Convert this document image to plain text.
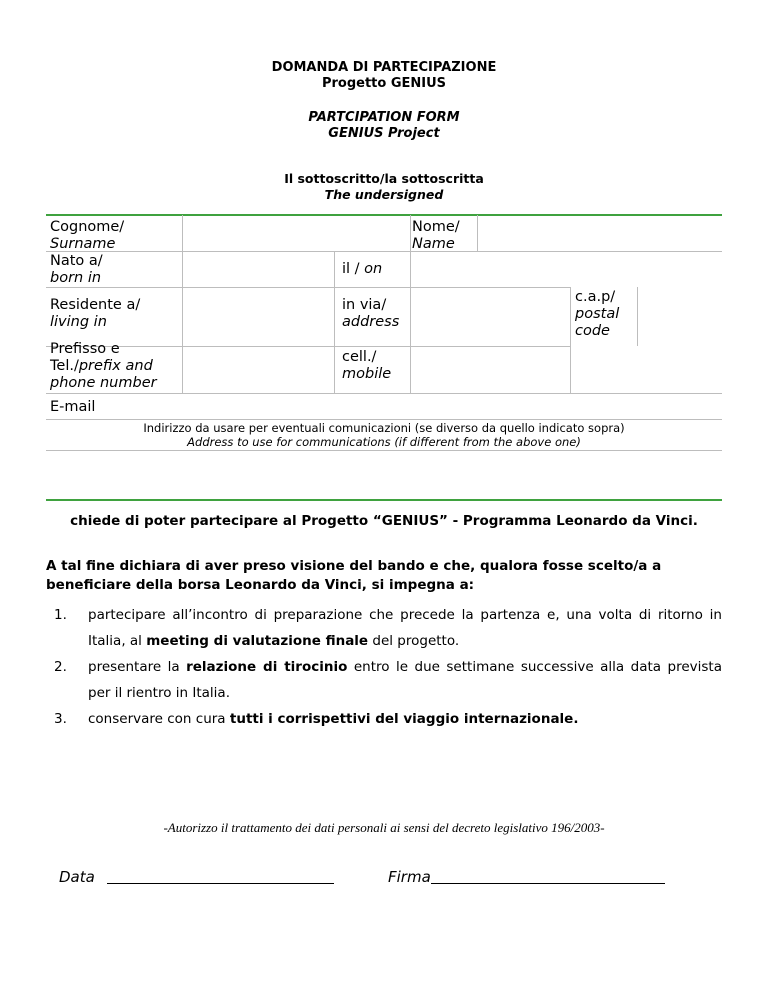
DOMANDA DI PARTECIPAZIONE
Progetto GENIUS
PARTCIPATION FORM
GENIUS Project
Il sottoscritto/la sottoscritta
The undersigned
Cognome/
Surname
Nome/
Name
Nato a/
born in
il / on
Residente a/
living in
in via/
address
c.a.p/
postal
code
Prefisso e
Tel./prefix and
phone number
cell./
mobile
E-mail
Indirizzo da usare per eventuali comunicazioni (se diverso da quello indicato sopra)
Address to use for communications (if different from the above one)
chiede di poter partecipare al Progetto “GENIUS” - Programma Leonardo da Vinci.
A tal fine dichiara di aver preso visione del bando e che, qualora fosse scelto/a a beneficiare della borsa Leonardo da Vinci, si impegna a:
1. partecipare all’incontro di preparazione che precede la partenza e, una volta di ritorno in Italia, al meeting di valutazione finale del progetto.
2. presentare la relazione di tirocinio entro le due settimane successive alla data prevista per il rientro in Italia.
3. conservare con cura tutti i corrispettivi del viaggio internazionale.
-Autorizzo il trattamento dei dati personali ai sensi del decreto legislativo 196/2003-
Data	Firma
